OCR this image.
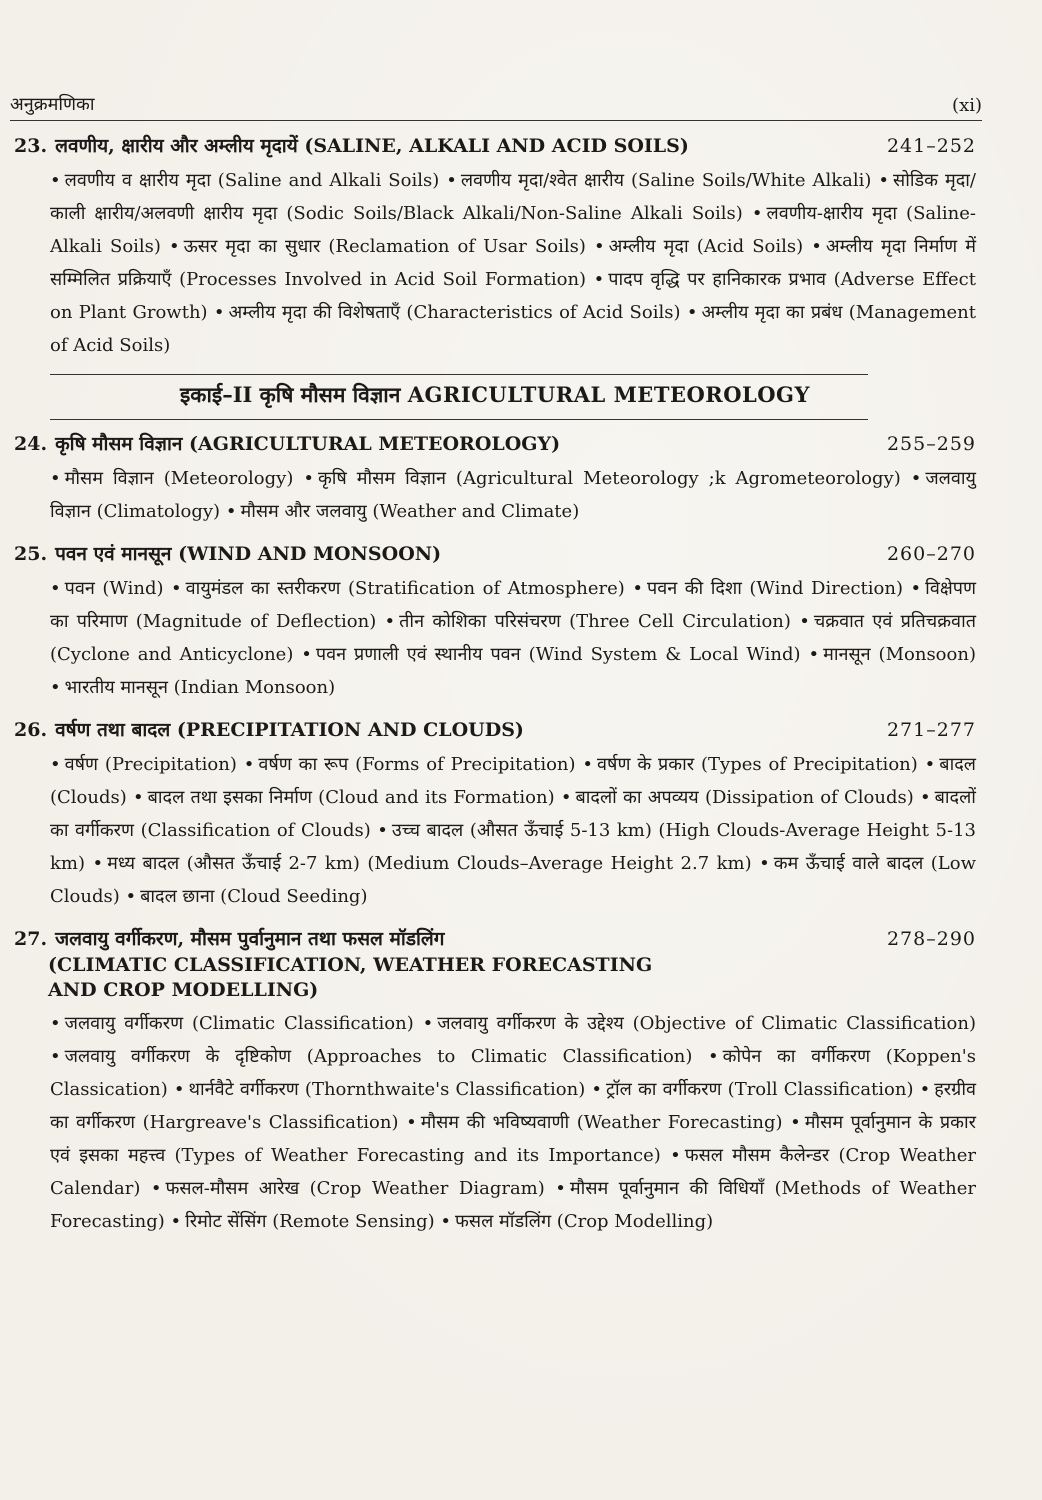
अनुक्रमणिका	(xi)
23. लवणीय, क्षारीय और अम्लीय मृदायें (SALINE, ALKALI AND ACID SOILS)	241–252
• लवणीय व क्षारीय मृदा (Saline and Alkali Soils) • लवणीय मृदा/श्वेत क्षारीय (Saline Soils/White Alkali) • सोडिक मृदा/काली क्षारीय/अलवणी क्षारीय मृदा (Sodic Soils/Black Alkali/Non-Saline Alkali Soils) • लवणीय-क्षारीय मृदा (Saline-Alkali Soils) • ऊसर मृदा का सुधार (Reclamation of Usar Soils) • अम्लीय मृदा (Acid Soils) • अम्लीय मृदा निर्माण में सम्मिलित प्रक्रियाएँ (Processes Involved in Acid Soil Formation) • पादप वृद्धि पर हानिकारक प्रभाव (Adverse Effect on Plant Growth) • अम्लीय मृदा की विशेषताएँ (Characteristics of Acid Soils) • अम्लीय मृदा का प्रबंध (Management of Acid Soils)
इकाई–II कृषि मौसम विज्ञान AGRICULTURAL METEOROLOGY
24. कृषि मौसम विज्ञान (AGRICULTURAL METEOROLOGY)	255–259
• मौसम विज्ञान (Meteorology) • कृषि मौसम विज्ञान (Agricultural Meteorology ;k Agrometeorology) • जलवायु विज्ञान (Climatology) • मौसम और जलवायु (Weather and Climate)
25. पवन एवं मानसून (WIND AND MONSOON)	260–270
• पवन (Wind) • वायुमंडल का स्तरीकरण (Stratification of Atmosphere) • पवन की दिशा (Wind Direction) • विक्षेपण का परिमाण (Magnitude of Deflection) • तीन कोशिका परिसंचरण (Three Cell Circulation) • चक्रवात एवं प्रतिचक्रवात (Cyclone and Anticyclone) • पवन प्रणाली एवं स्थानीय पवन (Wind System & Local Wind) • मानसून (Monsoon) • भारतीय मानसून (Indian Monsoon)
26. वर्षण तथा बादल (PRECIPITATION AND CLOUDS)	271–277
• वर्षण (Precipitation) • वर्षण का रूप (Forms of Precipitation) • वर्षण के प्रकार (Types of Precipitation) • बादल (Clouds) • बादल तथा इसका निर्माण (Cloud and its Formation) • बादलों का अपव्यय (Dissipation of Clouds) • बादलों का वर्गीकरण (Classification of Clouds) • उच्च बादल (औसत ऊँचाई 5-13 km) (High Clouds-Average Height 5-13 km) • मध्य बादल (औसत ऊँचाई 2-7 km) (Medium Clouds–Average Height 2.7 km) • कम ऊँचाई वाले बादल (Low Clouds) • बादल छाना (Cloud Seeding)
27. जलवायु वर्गीकरण, मौसम पुर्वानुमान तथा फसल मॉडलिंग	278–290
(CLIMATIC CLASSIFICATION, WEATHER FORECASTING
AND CROP MODELLING)
• जलवायु वर्गीकरण (Climatic Classification) • जलवायु वर्गीकरण के उद्देश्य (Objective of Climatic Classification) • जलवायु वर्गीकरण के दृष्टिकोण (Approaches to Climatic Classification) • कोपेन का वर्गीकरण (Koppen's Classication) • थार्नवैटे वर्गीकरण (Thornthwaite's Classification) • ट्रॉल का वर्गीकरण (Troll Classification) • हरग्रीव का वर्गीकरण (Hargreave's Classification) • मौसम की भविष्यवाणी (Weather Forecasting) • मौसम पूर्वानुमान के प्रकार एवं इसका महत्त्व (Types of Weather Forecasting and its Importance) • फसल मौसम कैलेन्डर (Crop Weather Calendar) • फसल-मौसम आरेख (Crop Weather Diagram) • मौसम पूर्वानुमान की विधियाँ (Methods of Weather Forecasting) • रिमोट सेंसिंग (Remote Sensing) • फसल मॉडलिंग (Crop Modelling)
